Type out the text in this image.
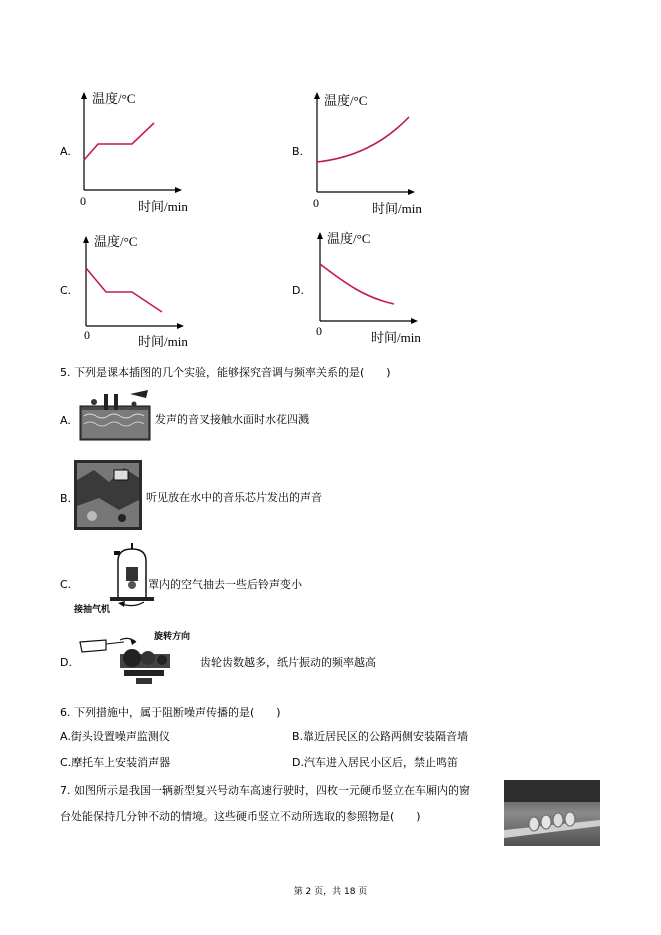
A.
温度/°C
0	时间/min
B.
温度/°C
0	时间/min
C.
温度/°C
0	时间/min
D.
温度/°C
0	时间/min
5. 下列是课本插图的几个实验，能够探究音调与频率关系的是(　　)
A.	发声的音叉接触水面时水花四溅
B.	听见放在水中的音乐芯片发出的声音
C.
接抽气机
罩内的空气抽去一些后铃声变小
D.
旋转方向
齿轮齿数越多，纸片振动的频率越高
6. 下列措施中，属于阻断噪声传播的是(　　)
A.街头设置噪声监测仪	B.靠近居民区的公路两侧安装隔音墙
C.摩托车上安装消声器	D.汽车进入居民小区后，禁止鸣笛
7. 如图所示是我国一辆新型复兴号动车高速行驶时，四枚一元硬币竖立在车厢内的窗
台处能保持几分钟不动的情境。这些硬币竖立不动所选取的参照物是(　　)
第 2 页，共 18 页
